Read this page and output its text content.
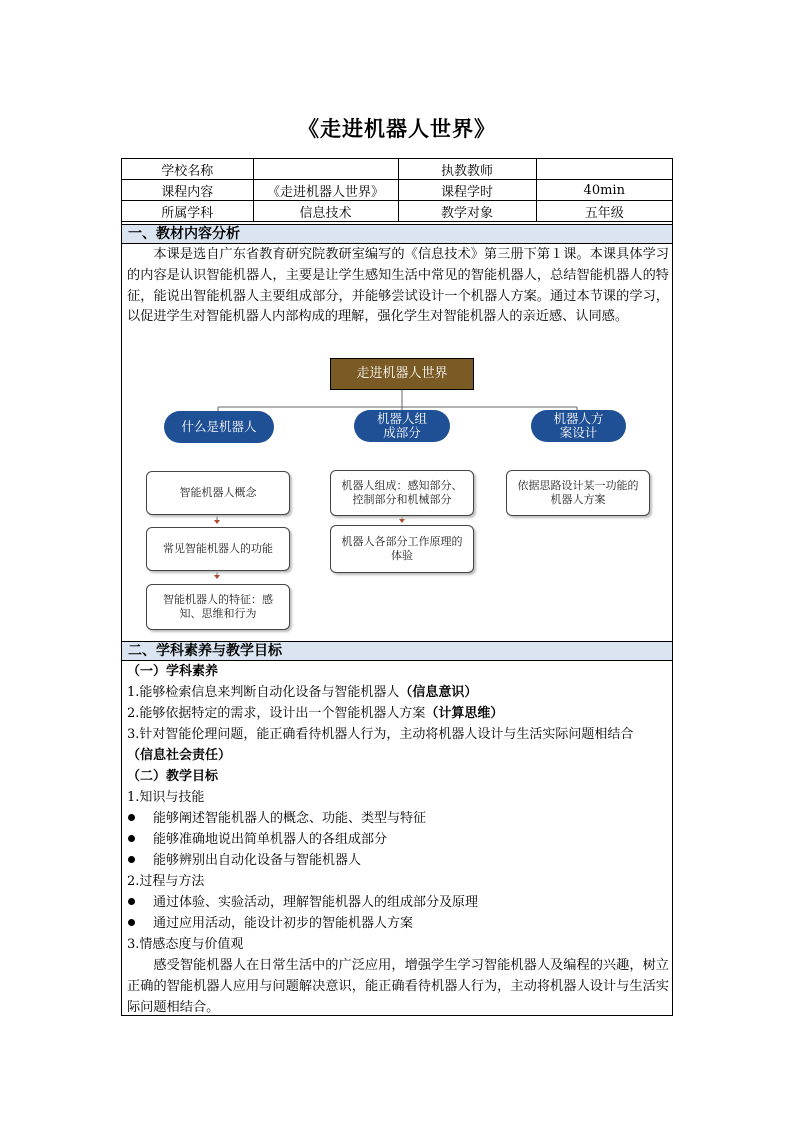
《走进机器人世界》
学校名称		执教教师	
课程内容	《走进机器人世界》	课程学时	40min
所属学科	信息技术	教学对象	五年级
一、教材内容分析
本课是选自广东省教育研究院教研室编写的《信息技术》第三册下第１课。本课具体学习的内容是认识智能机器人，主要是让学生感知生活中常见的智能机器人，总结智能机器人的特征，能说出智能机器人主要组成部分，并能够尝试设计一个机器人方案。通过本节课的学习，以促进学生对智能机器人内部构成的理解，强化学生对智能机器人的亲近感、认同感。
走进机器人世界
什么是机器人
机器人组成部分
机器人方案设计
智能机器人概念
常见智能机器人的功能
智能机器人的特征：感知、思维和行为
机器人组成：感知部分、控制部分和机械部分
机器人各部分工作原理的体验
依据思路设计某一功能的机器人方案
二、学科素养与教学目标
（一）学科素养
1.能够检索信息来判断自动化设备与智能机器人（信息意识）
2.能够依据特定的需求，设计出一个智能机器人方案（计算思维）
3.针对智能伦理问题，能正确看待机器人行为，主动将机器人设计与生活实际问题相结合
（信息社会责任）
（二）教学目标
1.知识与技能
能够阐述智能机器人的概念、功能、类型与特征
能够准确地说出简单机器人的各组成部分
能够辨别出自动化设备与智能机器人
2.过程与方法
通过体验、实验活动，理解智能机器人的组成部分及原理
通过应用活动，能设计初步的智能机器人方案
3.情感态度与价值观
感受智能机器人在日常生活中的广泛应用，增强学生学习智能机器人及编程的兴趣，树立正确的智能机器人应用与问题解决意识，能正确看待机器人行为，主动将机器人设计与生活实际问题相结合。
